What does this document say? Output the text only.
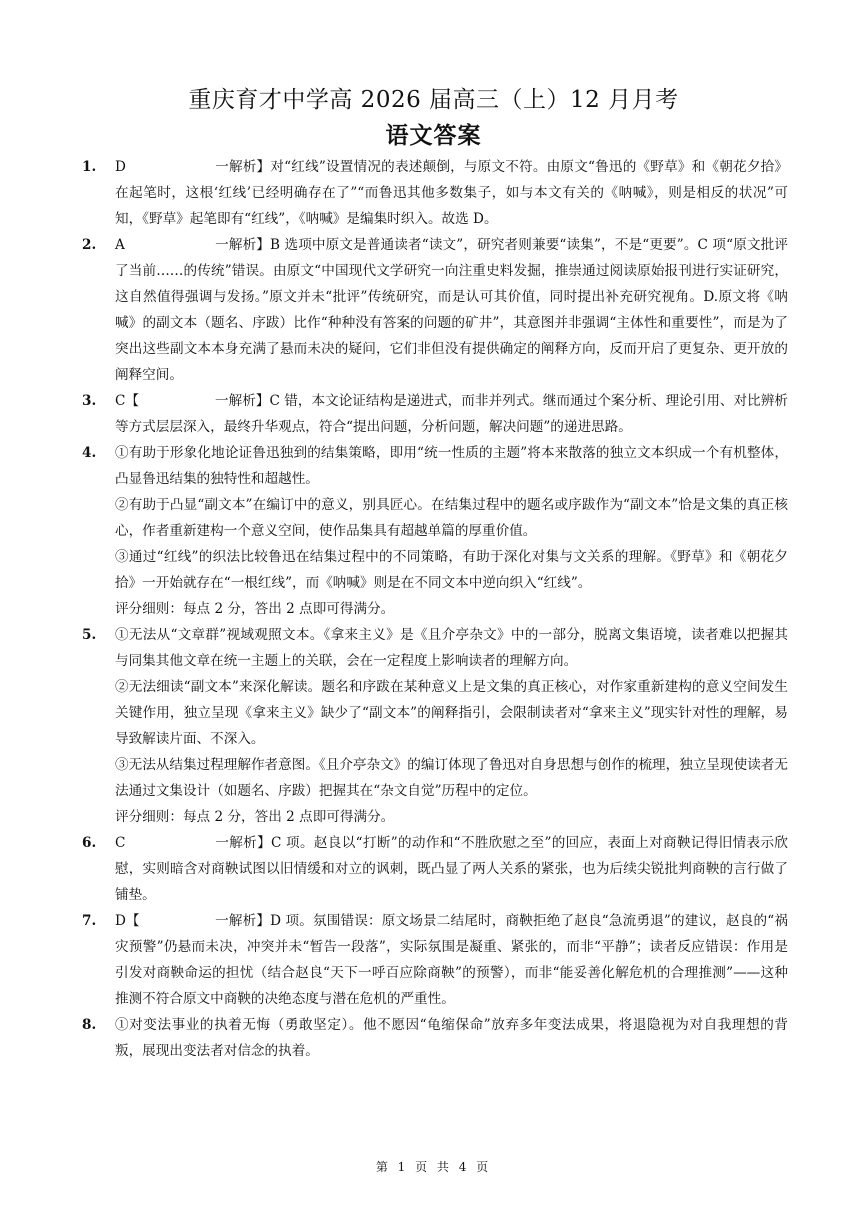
重庆育才中学高 2026 届高三（上）12 月月考
语文答案
1. D	一解析】对“红线”设置情况的表述颠倒，与原文不符。由原文“鲁迅的《野草》和《朝花夕拾》在起笔时，这根‘红线’已经明确存在了”“而鲁迅其他多数集子，如与本文有关的《呐喊》，则是相反的状况”可知，《野草》起笔即有“红线”，《呐喊》是编集时织入。故选 D。
2. A	一解析】B 选项中原文是普通读者“读文”，研究者则兼要“读集”，不是“更要”。C 项“原文批评了当前……的传统”错误。由原文“中国现代文学研究一向注重史料发掘，推崇通过阅读原始报刊进行实证研究，这自然值得强调与发扬。”原文并未“批评”传统研究，而是认可其价值，同时提出补充研究视角。D.原文将《呐喊》的副文本（题名、序跋）比作“种种没有答案的问题的矿井”，其意图并非强调“主体性和重要性”，而是为了突出这些副文本本身充满了悬而未决的疑问，它们非但没有提供确定的阐释方向，反而开启了更复杂、更开放的阐释空间。
3. C【	一解析】C 错，本文论证结构是递进式，而非并列式。继而通过个案分析、理论引用、对比辨析等方式层层深入，最终升华观点，符合“提出问题，分析问题，解决问题”的递进思路。
4. ①有助于形象化地论证鲁迅独到的结集策略，即用“统一性质的主题”将本来散落的独立文本织成一个有机整体，凸显鲁迅结集的独特性和超越性。
②有助于凸显“副文本”在编订中的意义，别具匠心。在结集过程中的题名或序跋作为“副文本”恰是文集的真正核心，作者重新建构一个意义空间，使作品集具有超越单篇的厚重价值。
③通过“红线”的织法比较鲁迅在结集过程中的不同策略，有助于深化对集与文关系的理解。《野草》和《朝花夕拾》一开始就存在“一根红线”，而《呐喊》则是在不同文本中逆向织入“红线”。
评分细则：每点 2 分，答出 2 点即可得满分。
5. ①无法从“文章群”视域观照文本。《拿来主义》是《且介亭杂文》中的一部分，脱离文集语境，读者难以把握其与同集其他文章在统一主题上的关联，会在一定程度上影响读者的理解方向。
②无法细读“副文本”来深化解读。题名和序跋在某种意义上是文集的真正核心，对作家重新建构的意义空间发生关键作用，独立呈现《拿来主义》缺少了“副文本”的阐释指引，会限制读者对“拿来主义”现实针对性的理解，易导致解读片面、不深入。
③无法从结集过程理解作者意图。《且介亭杂文》的编订体现了鲁迅对自身思想与创作的梳理，独立呈现使读者无法通过文集设计（如题名、序跋）把握其在“杂文自觉”历程中的定位。
评分细则：每点 2 分，答出 2 点即可得满分。
6. C	一解析】C 项。赵良以“打断”的动作和“不胜欣慰之至”的回应，表面上对商鞅记得旧情表示欣慰，实则暗含对商鞅试图以旧情缓和对立的讽刺，既凸显了两人关系的紧张，也为后续尖锐批判商鞅的言行做了铺垫。
7. D【	一解析】D 项。氛围错误：原文场景二结尾时，商鞅拒绝了赵良“急流勇退”的建议，赵良的“祸灾预警”仍悬而未决，冲突并未“暂告一段落”，实际氛围是凝重、紧张的，而非“平静”；读者反应错误：作用是引发对商鞅命运的担忧（结合赵良“天下一呼百应除商鞅”的预警），而非“能妥善化解危机的合理推测”——这种推测不符合原文中商鞅的决绝态度与潜在危机的严重性。
8. ①对变法事业的执着无悔（勇敢坚定）。他不愿因“龟缩保命”放弃多年变法成果，将退隐视为对自我理想的背叛，展现出变法者对信念的执着。
第 1 页 共 4 页
